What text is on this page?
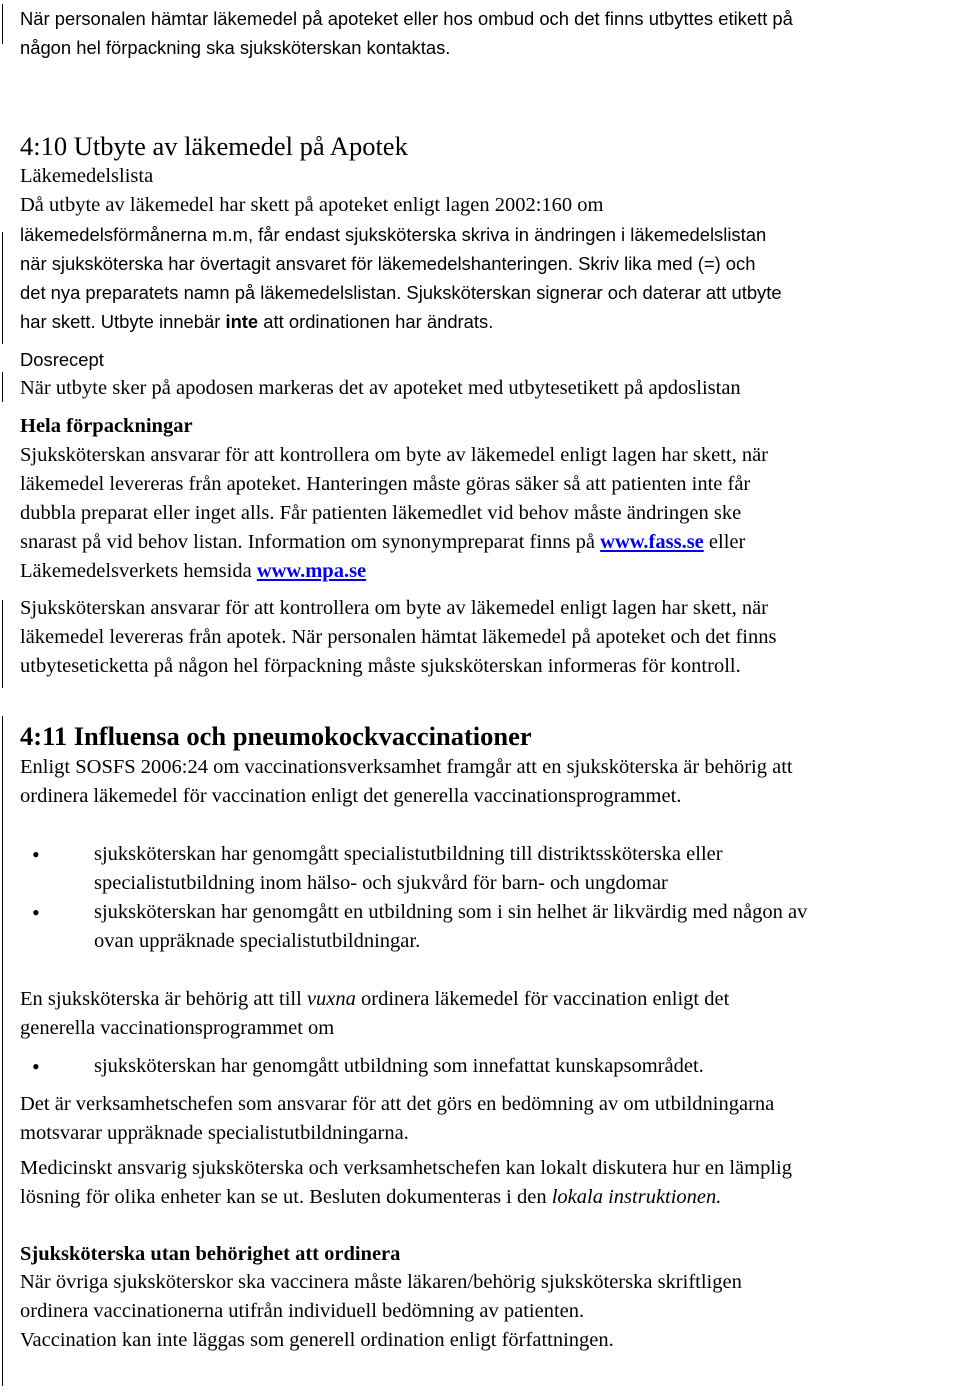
När personalen hämtar läkemedel på apoteket eller hos ombud och det finns utbyttes etikett på
någon hel förpackning ska sjuksköterskan kontaktas.
4:10 Utbyte av läkemedel på Apotek
Läkemedelslista
Då utbyte av läkemedel har skett på apoteket enligt lagen 2002:160 om
läkemedelsförmånerna m.m, får endast sjuksköterska skriva in ändringen i läkemedelslistan
när sjuksköterska har övertagit ansvaret för läkemedelshanteringen. Skriv lika med (=) och
det nya preparatets namn på läkemedelslistan. Sjuksköterskan signerar och daterar att utbyte
har skett. Utbyte innebär inte att ordinationen har ändrats.
Dosrecept
När utbyte sker på apodosen markeras det av apoteket med utbytesetikett på apdoslistan
Hela förpackningar
Sjuksköterskan ansvarar för att kontrollera om byte av läkemedel enligt lagen har skett, när
läkemedel levereras från apoteket. Hanteringen måste göras säker så att patienten inte får
dubbla preparat eller inget alls. Får patienten läkemedlet vid behov måste ändringen ske
snarast på vid behov listan. Information om synonympreparat finns på www.fass.se eller
Läkemedelsverkets hemsida www.mpa.se
Sjuksköterskan ansvarar för att kontrollera om byte av läkemedel enligt lagen har skett, när
läkemedel levereras från apotek. När personalen hämtat läkemedel på apoteket och det finns
utbyteseticketta på någon hel förpackning måste sjuksköterskan informeras för kontroll.
4:11 Influensa och pneumokockvaccinationer
Enligt SOSFS 2006:24 om vaccinationsverksamhet framgår att en sjuksköterska är behörig att
ordinera läkemedel för vaccination enligt det generella vaccinationsprogrammet.
•	sjuksköterskan har genomgått specialistutbildning till distriktssköterska eller
specialistutbildning inom hälso- och sjukvård för barn- och ungdomar
•	sjuksköterskan har genomgått en utbildning som i sin helhet är likvärdig med någon av
ovan uppräknade specialistutbildningar.
En sjuksköterska är behörig att till vuxna ordinera läkemedel för vaccination enligt det
generella vaccinationsprogrammet om
•	sjuksköterskan har genomgått utbildning som innefattat kunskapsområdet.
Det är verksamhetschefen som ansvarar för att det görs en bedömning av om utbildningarna
motsvarar uppräknade specialistutbildningarna.
Medicinskt ansvarig sjuksköterska och verksamhetschefen kan lokalt diskutera hur en lämplig
lösning för olika enheter kan se ut. Besluten dokumenteras i den lokala instruktionen.
Sjuksköterska utan behörighet att ordinera
När övriga sjuksköterskor ska vaccinera måste läkaren/behörig sjuksköterska skriftligen
ordinera vaccinationerna utifrån individuell bedömning av patienten.
Vaccination kan inte läggas som generell ordination enligt författningen.
